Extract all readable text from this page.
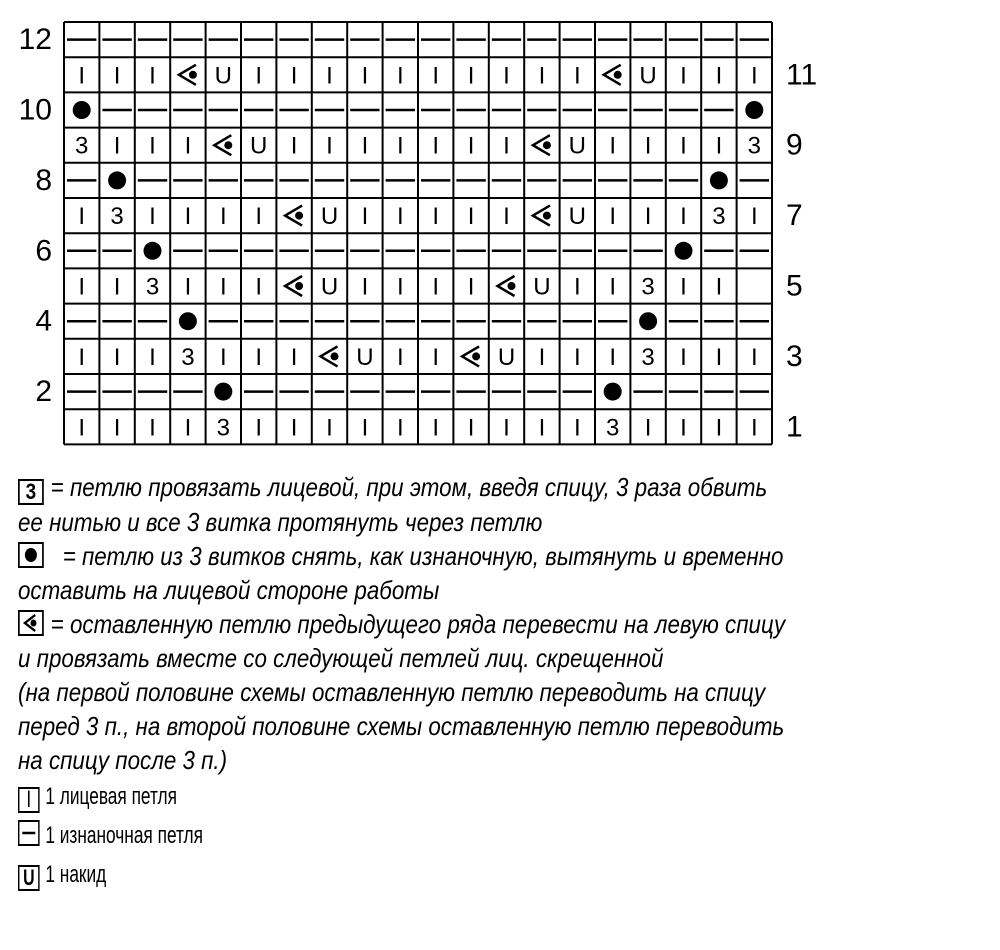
I I I U I I I I I I I I I I U I I I
3 I I I U I I I I I I I U I I I I 3
I 3 I I I I U I I I I I U I I I 3 I
I I 3 I I I U I I I I U I I 3 I I
I I I 3 I I I U I I U I I I 3 I I I
I I I I 3 I I I I I I I I I I 3 I I I I
12
10
8
6
4
2
11
9
7
5
3
1
3 = петлю провязать лицевой, при этом, введя спицу, 3 раза обвить
ее нитью и все 3 витка протянуть через петлю
= петлю из 3 витков снять, как изнаночную, вытянуть и временно
оставить на лицевой стороне работы
= оставленную петлю предыдущего ряда перевести на левую спицу
и провязать вместе со следующей петлей лиц. скрещенной
(на первой половине схемы оставленную петлю переводить на спицу
перед 3 п., на второй половине схемы оставленную петлю переводить
на спицу после 3 п.)
I 1 лицевая петля
1 изнаночная петля
U 1 накид
